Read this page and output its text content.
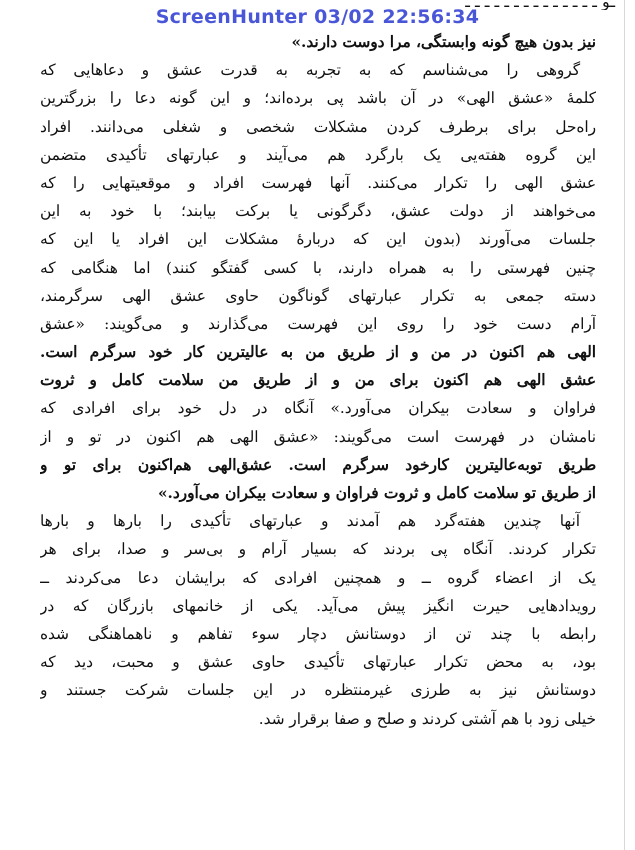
ـو ـ ـ ـ ـ ـ ـ ـ ـ ـ ـ ـ ـ ـ ـ
ScreenHunter 03/02 22:56:34
نیز بدون هیچ گونه وابستگی، مرا دوست دارند.»
گروهی را می‌شناسم که به تجربه به قدرت عشق و دعاهایی که
کلمهٔ «عشق الهی» در آن باشد پی برده‌اند؛ و این گونه دعا را بزرگترین
راه‌حل برای برطرف کردن مشکلات شخصی و شغلی می‌دانند. افراد
این گروه هفته‌یی یک بارگرد هم می‌آیند و عبارتهای تأکیدی متضمن
عشق الهی را تکرار می‌کنند. آنها فهرست افراد و موقعیتهایی را که
می‌خواهند از دولت عشق، دگرگونی یا برکت بیابند؛ با خود به این
جلسات می‌آورند (بدون این که دربارهٔ مشکلات این افراد یا این که
چنین فهرستی را به همراه دارند، با کسی گفتگو کنند) اما هنگامی که
دسته جمعی به تکرار عبارتهای گوناگون حاوی عشق الهی سرگرمند،
آرام دست خود را روی این فهرست می‌گذارند و می‌گویند: «عشق
الهی هم اکنون در من و از طریق من به عالیترین کار خود سرگرم است.
عشق الهی هم اکنون برای من و از طریق من سلامت کامل و ثروت
فراوان و سعادت بیکران می‌آورد.» آنگاه در دل خود برای افرادی که
نامشان در فهرست است می‌گویند: «عشق الهی هم اکنون در تو و از
طریق توبه‌عالیترین کارخود سرگرم است. عشق‌الهی هم‌اکنون برای تو و
از طریق تو سلامت کامل و ثروت فراوان و سعادت بیکران می‌آورد.»
آنها چندین هفته‌گرد هم آمدند و عبارتهای تأکیدی را بارها و بارها
تکرار کردند. آنگاه پی بردند که بسیار آرام و بی‌سر و صدا، برای هر
یک از اعضاء گروه ــ و همچنین افرادی که برایشان دعا می‌کردند ــ
رویدادهایی حیرت انگیز پیش می‌آید. یکی از خانمهای بازرگان که در
رابطه با چند تن از دوستانش دچار سوء تفاهم و ناهماهنگی شده
بود، به محض تکرار عبارتهای تأکیدی حاوی عشق و محبت، دید که
دوستانش نیز به طرزی غیرمنتظره در این جلسات شرکت جستند و
خیلی زود با هم آشتی کردند و صلح و صفا برقرار شد.
